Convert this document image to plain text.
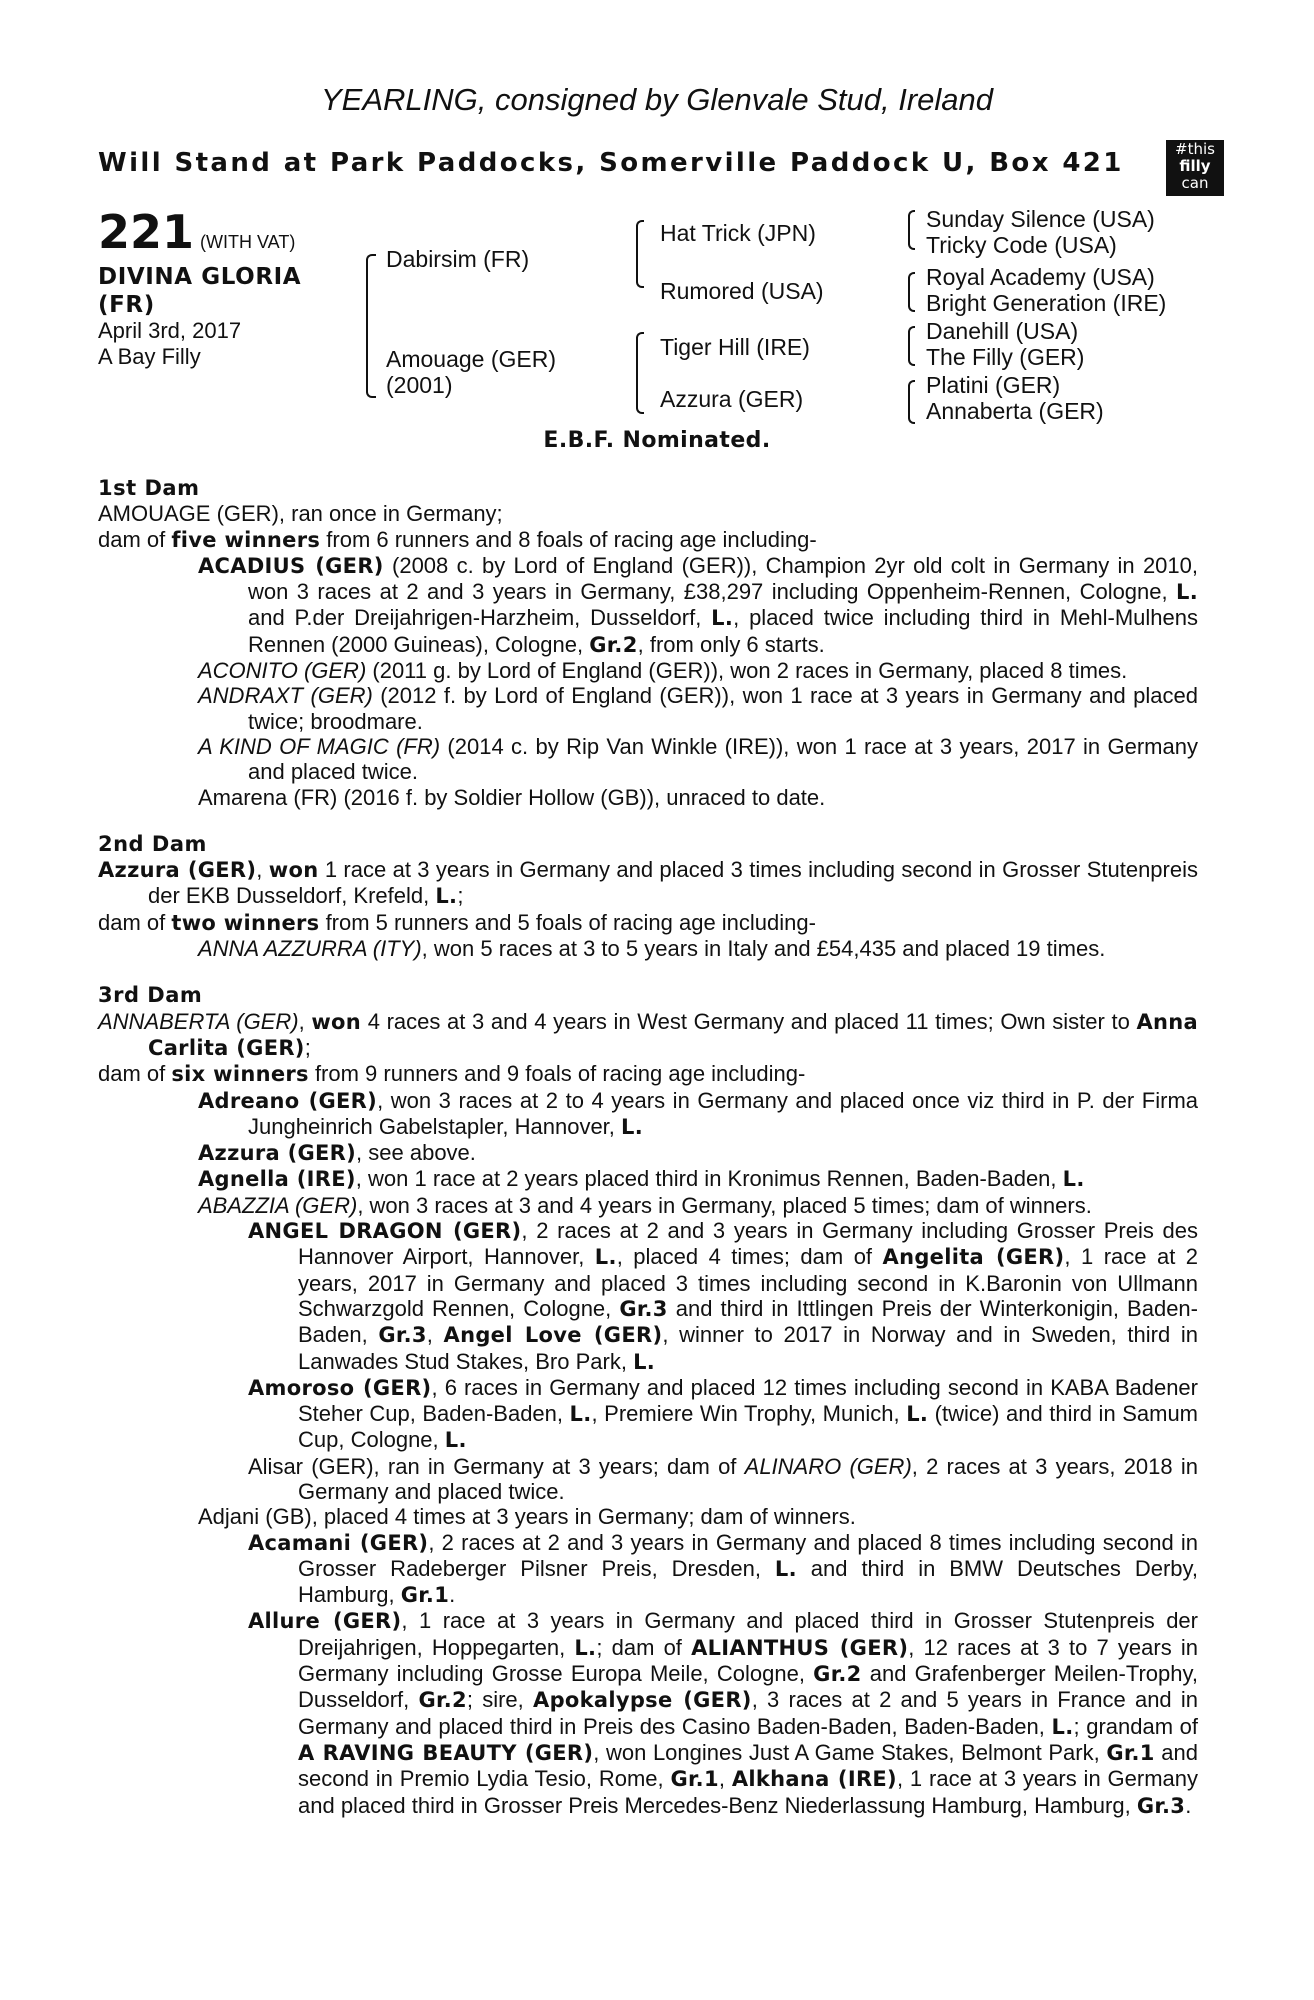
YEARLING, consigned by Glenvale Stud, Ireland
Will Stand at Park Paddocks, Somerville Paddock U, Box 421	#this
filly
can
221 (WITH VAT)
DIVINA GLORIA
(FR)
April 3rd, 2017
A Bay Filly
Dabirsim (FR)
Amouage (GER)
(2001)
Hat Trick (JPN)
Rumored (USA)
Tiger Hill (IRE)
Azzura (GER)
Sunday Silence (USA)
Tricky Code (USA)
Royal Academy (USA)
Bright Generation (IRE)
Danehill (USA)
The Filly (GER)
Platini (GER)
Annaberta (GER)
E.B.F. Nominated.
1st Dam
AMOUAGE (GER), ran once in Germany;
dam of five winners from 6 runners and 8 foals of racing age including-
ACADIUS (GER) (2008 c. by Lord of England (GER)), Champion 2yr old colt in Germany in 2010, won 3 races at 2 and 3 years in Germany, £38,297 including Oppenheim-Rennen, Cologne, L. and P.der Dreijahrigen-Harzheim, Dusseldorf, L., placed twice including third in Mehl-Mulhens Rennen (2000 Guineas), Cologne, Gr.2, from only 6 starts.
ACONITO (GER) (2011 g. by Lord of England (GER)), won 2 races in Germany, placed 8 times.
ANDRAXT (GER) (2012 f. by Lord of England (GER)), won 1 race at 3 years in Germany and placed twice; broodmare.
A KIND OF MAGIC (FR) (2014 c. by Rip Van Winkle (IRE)), won 1 race at 3 years, 2017 in Germany and placed twice.
Amarena (FR) (2016 f. by Soldier Hollow (GB)), unraced to date.
2nd Dam
Azzura (GER), won 1 race at 3 years in Germany and placed 3 times including second in Grosser Stutenpreis der EKB Dusseldorf, Krefeld, L.;
dam of two winners from 5 runners and 5 foals of racing age including-
ANNA AZZURRA (ITY), won 5 races at 3 to 5 years in Italy and £54,435 and placed 19 times.
3rd Dam
ANNABERTA (GER), won 4 races at 3 and 4 years in West Germany and placed 11 times; Own sister to Anna Carlita (GER);
dam of six winners from 9 runners and 9 foals of racing age including-
Adreano (GER), won 3 races at 2 to 4 years in Germany and placed once viz third in P. der Firma Jungheinrich Gabelstapler, Hannover, L.
Azzura (GER), see above.
Agnella (IRE), won 1 race at 2 years placed third in Kronimus Rennen, Baden-Baden, L.
ABAZZIA (GER), won 3 races at 3 and 4 years in Germany, placed 5 times; dam of winners.
ANGEL DRAGON (GER), 2 races at 2 and 3 years in Germany including Grosser Preis des Hannover Airport, Hannover, L., placed 4 times; dam of Angelita (GER), 1 race at 2 years, 2017 in Germany and placed 3 times including second in K.Baronin von Ullmann Schwarzgold Rennen, Cologne, Gr.3 and third in Ittlingen Preis der Winterkonigin, Baden-Baden, Gr.3, Angel Love (GER), winner to 2017 in Norway and in Sweden, third in Lanwades Stud Stakes, Bro Park, L.
Amoroso (GER), 6 races in Germany and placed 12 times including second in KABA Badener Steher Cup, Baden-Baden, L., Premiere Win Trophy, Munich, L. (twice) and third in Samum Cup, Cologne, L.
Alisar (GER), ran in Germany at 3 years; dam of ALINARO (GER), 2 races at 3 years, 2018 in Germany and placed twice.
Adjani (GB), placed 4 times at 3 years in Germany; dam of winners.
Acamani (GER), 2 races at 2 and 3 years in Germany and placed 8 times including second in Grosser Radeberger Pilsner Preis, Dresden, L. and third in BMW Deutsches Derby, Hamburg, Gr.1.
Allure (GER), 1 race at 3 years in Germany and placed third in Grosser Stutenpreis der Dreijahrigen, Hoppegarten, L.; dam of ALIANTHUS (GER), 12 races at 3 to 7 years in Germany including Grosse Europa Meile, Cologne, Gr.2 and Grafenberger Meilen-Trophy, Dusseldorf, Gr.2; sire, Apokalypse (GER), 3 races at 2 and 5 years in France and in Germany and placed third in Preis des Casino Baden-Baden, Baden-Baden, L.; grandam of A RAVING BEAUTY (GER), won Longines Just A Game Stakes, Belmont Park, Gr.1 and second in Premio Lydia Tesio, Rome, Gr.1, Alkhana (IRE), 1 race at 3 years in Germany and placed third in Grosser Preis Mercedes-Benz Niederlassung Hamburg, Hamburg, Gr.3.
